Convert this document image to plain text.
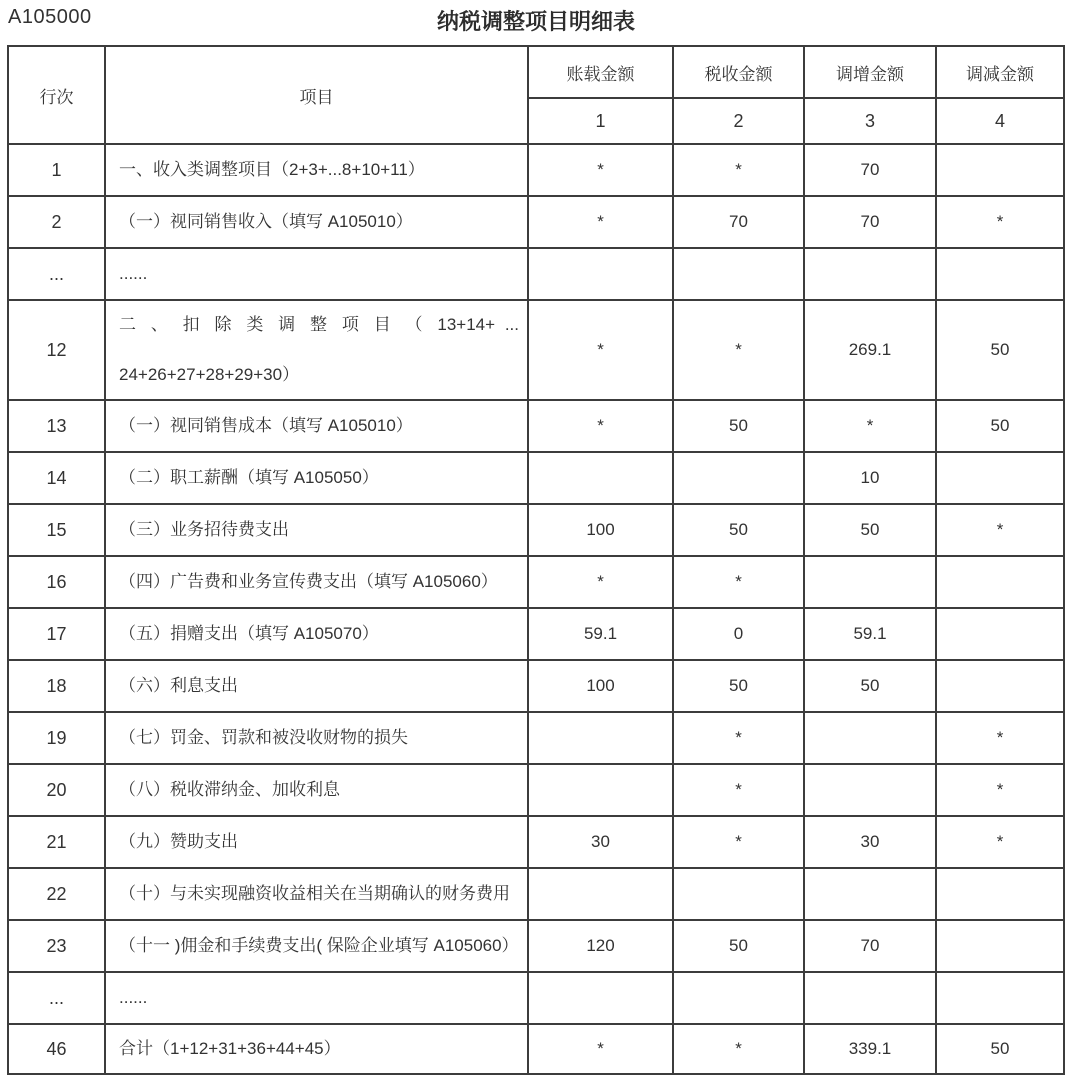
A105000	纳税调整项目明细表
行次	项目	账载金额	税收金额	调增金额	调减金额
		1	2	3	4
1	一、收入类调整项目（2+3+...8+10+11）	*	*	70	
2	（一）视同销售收入（填写 A105010）	*	70	70	*
...	......				
12	二 、 扣 除 类 调 整 项 目 （ 13+14+ ...
24+26+27+28+29+30）	*	*	269.1	50
13	（一）视同销售成本（填写 A105010）	*	50	*	50
14	（二）职工薪酬（填写 A105050）			10	
15	（三）业务招待费支出	100	50	50	*
16	（四）广告费和业务宣传费支出（填写 A105060）	*	*		
17	（五）捐赠支出（填写 A105070）	59.1	0	59.1	
18	（六）利息支出	100	50	50	
19	（七）罚金、罚款和被没收财物的损失		*		*
20	（八）税收滞纳金、加收利息		*		*
21	（九）赞助支出	30	*	30	*
22	（十）与未实现融资收益相关在当期确认的财务费用				
23	（十一 )佣金和手续费支出( 保险企业填写 A105060）	120	50	70	
...	......				
46	合计（1+12+31+36+44+45）	*	*	339.1	50
